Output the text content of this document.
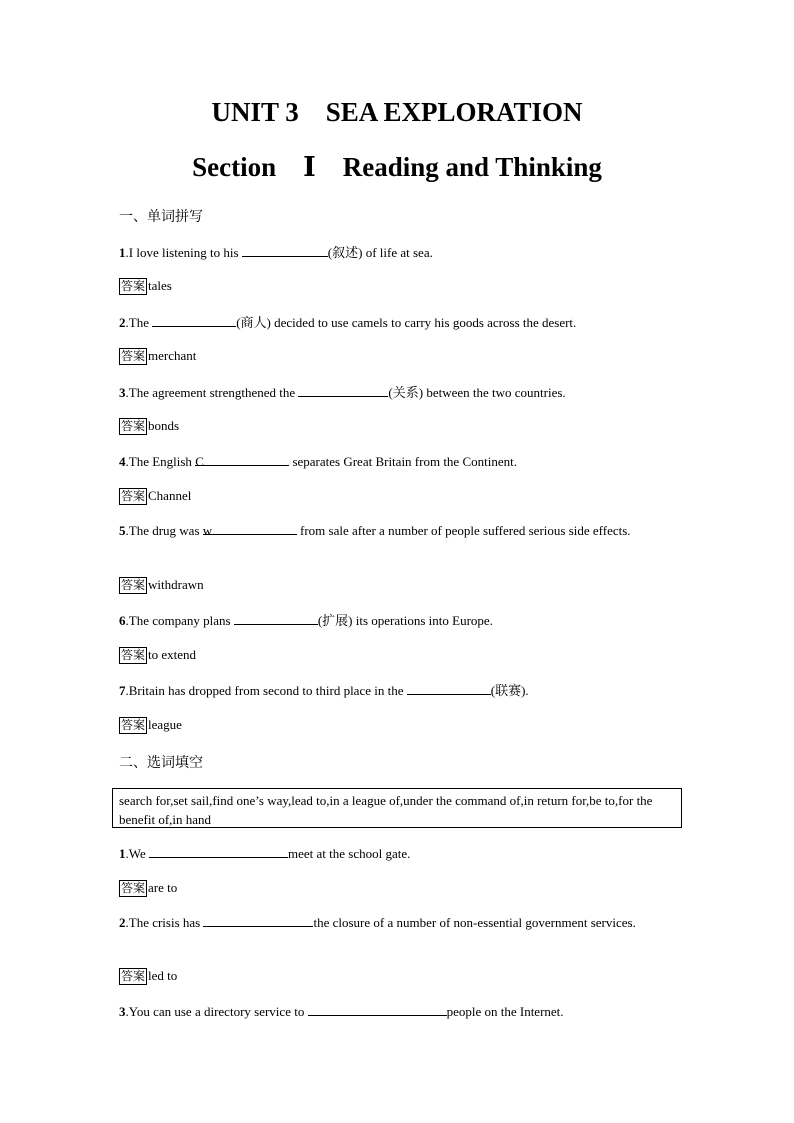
UNIT 3    SEA EXPLORATION
Section    Ⅰ    Reading and Thinking
一、单词拼写
1.I love listening to his	(叙述) of life at sea.
答案 tales
2.The	(商人) decided to use camels to carry his goods across the desert.
答案 merchant
3.The agreement strengthened the	(关系) between the two countries.
答案 bonds
4.The English C	separates Great Britain from the Continent.
答案 Channel
5.The drug was w	from sale after a number of people suffered serious side effects.
答案 withdrawn
6.The company plans	(扩展) its operations into Europe.
答案 to extend
7.Britain has dropped from second to third place in the	(联赛).
答案 league
二、选词填空
search for,set sail,find one’s way,lead to,in a league of,under the command of,in return for,be to,for the benefit of,in hand
1.We	meet at the school gate.
答案 are to
2.The crisis has	the closure of a number of non-essential government services.
答案 led to
3.You can use a directory service to	people on the Internet.
